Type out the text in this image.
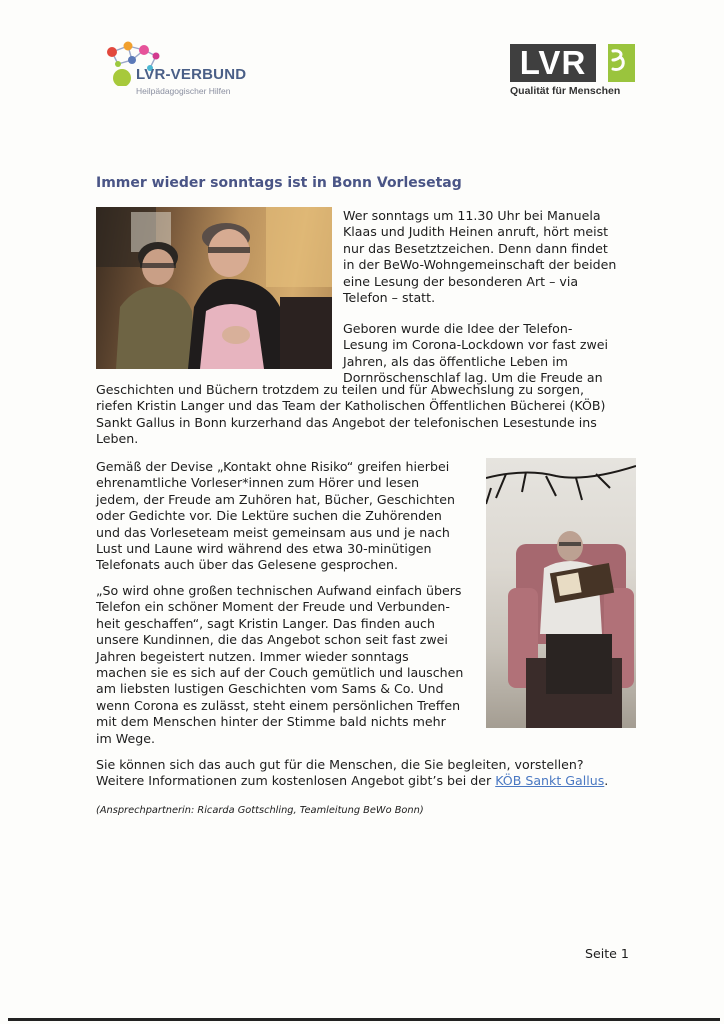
LVR-VERBUND
Heilpädagogischer Hilfen
LVR
Qualität für Menschen
Immer wieder sonntags ist in Bonn Vorlesetag
Wer sonntags um 11.30 Uhr bei Manuela
Klaas und Judith Heinen anruft, hört meist
nur das Besetztzeichen. Denn dann findet
in der BeWo-Wohngemeinschaft der beiden
eine Lesung der besonderen Art – via
Telefon – statt.
Geboren wurde die Idee der Telefon-
Lesung im Corona-Lockdown vor fast zwei
Jahren, als das öffentliche Leben im
Dornröschenschlaf lag. Um die Freude an
Geschichten und Büchern trotzdem zu teilen und für Abwechslung zu sorgen,
riefen Kristin Langer und das Team der Katholischen Öffentlichen Bücherei (KÖB)
Sankt Gallus in Bonn kurzerhand das Angebot der telefonischen Lesestunde ins
Leben.
Gemäß der Devise „Kontakt ohne Risiko“ greifen hierbei
ehrenamtliche Vorleser*innen zum Hörer und lesen
jedem, der Freude am Zuhören hat, Bücher, Geschichten
oder Gedichte vor. Die Lektüre suchen die Zuhörenden
und das Vorleseteam meist gemeinsam aus und je nach
Lust und Laune wird während des etwa 30-minütigen
Telefonats auch über das Gelesene gesprochen.
„So wird ohne großen technischen Aufwand einfach übers
Telefon ein schöner Moment der Freude und Verbunden-
heit geschaffen“, sagt Kristin Langer. Das finden auch
unsere Kundinnen, die das Angebot schon seit fast zwei
Jahren begeistert nutzen. Immer wieder sonntags
machen sie es sich auf der Couch gemütlich und lauschen
am liebsten lustigen Geschichten vom Sams & Co. Und
wenn Corona es zulässt, steht einem persönlichen Treffen
mit dem Menschen hinter der Stimme bald nichts mehr
im Wege.
Sie können sich das auch gut für die Menschen, die Sie begleiten, vorstellen?
Weitere Informationen zum kostenlosen Angebot gibt’s bei der KÖB Sankt Gallus.

(Ansprechpartnerin: Ricarda Gottschling, Teamleitung BeWo Bonn)

Seite 1
